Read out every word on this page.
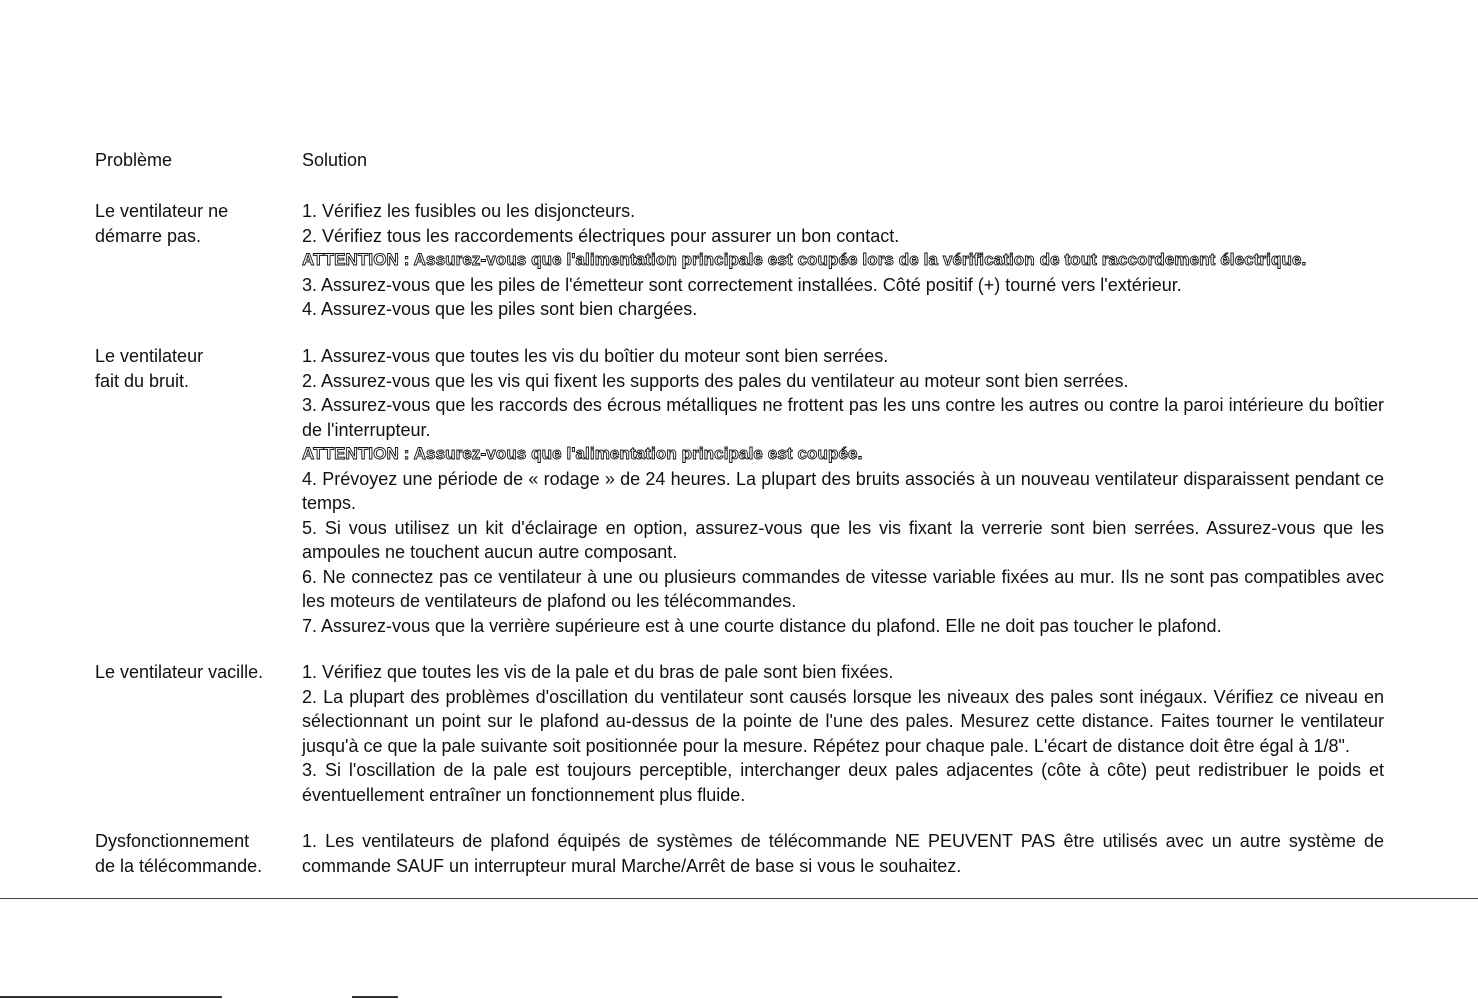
Problème	Solution
Le ventilateur ne
démarre pas.
1. Vérifiez les fusibles ou les disjoncteurs.
2. Vérifiez tous les raccordements électriques pour assurer un bon contact.
ATTENTION : Assurez-vous que l'alimentation principale est coupée lors de la vérification de tout raccordement électrique.
3. Assurez-vous que les piles de l'émetteur sont correctement installées. Côté positif (+) tourné vers l'extérieur.
4. Assurez-vous que les piles sont bien chargées.
Le ventilateur
fait du bruit.
1. Assurez-vous que toutes les vis du boîtier du moteur sont bien serrées.
2. Assurez-vous que les vis qui fixent les supports des pales du ventilateur au moteur sont bien serrées.
3. Assurez-vous que les raccords des écrous métalliques ne frottent pas les uns contre les autres ou contre la paroi intérieure du boîtier de l'interrupteur.
ATTENTION : Assurez-vous que l'alimentation principale est coupée.
4. Prévoyez une période de « rodage » de 24 heures. La plupart des bruits associés à un nouveau ventilateur disparaissent pendant ce temps.
5. Si vous utilisez un kit d'éclairage en option, assurez-vous que les vis fixant la verrerie sont bien serrées. Assurez-vous que les ampoules ne touchent aucun autre composant.
6. Ne connectez pas ce ventilateur à une ou plusieurs commandes de vitesse variable fixées au mur. Ils ne sont pas compatibles avec les moteurs de ventilateurs de plafond ou les télécommandes.
7. Assurez-vous que la verrière supérieure est à une courte distance du plafond. Elle ne doit pas toucher le plafond.
Le ventilateur vacille.	1. Vérifiez que toutes les vis de la pale et du bras de pale sont bien fixées.
2. La plupart des problèmes d'oscillation du ventilateur sont causés lorsque les niveaux des pales sont inégaux. Vérifiez ce niveau en sélectionnant un point sur le plafond au-dessus de la pointe de l'une des pales. Mesurez cette distance. Faites tourner le ventilateur jusqu'à ce que la pale suivante soit positionnée pour la mesure. Répétez pour chaque pale. L'écart de distance doit être égal à 1/8".
3. Si l'oscillation de la pale est toujours perceptible, interchanger deux pales adjacentes (côte à côte) peut redistribuer le poids et éventuellement entraîner un fonctionnement plus fluide.
Dysfonctionnement
de la télécommande.
1. Les ventilateurs de plafond équipés de systèmes de télécommande NE PEUVENT PAS être utilisés avec un autre système de commande SAUF un interrupteur mural Marche/Arrêt de base si vous le souhaitez.
